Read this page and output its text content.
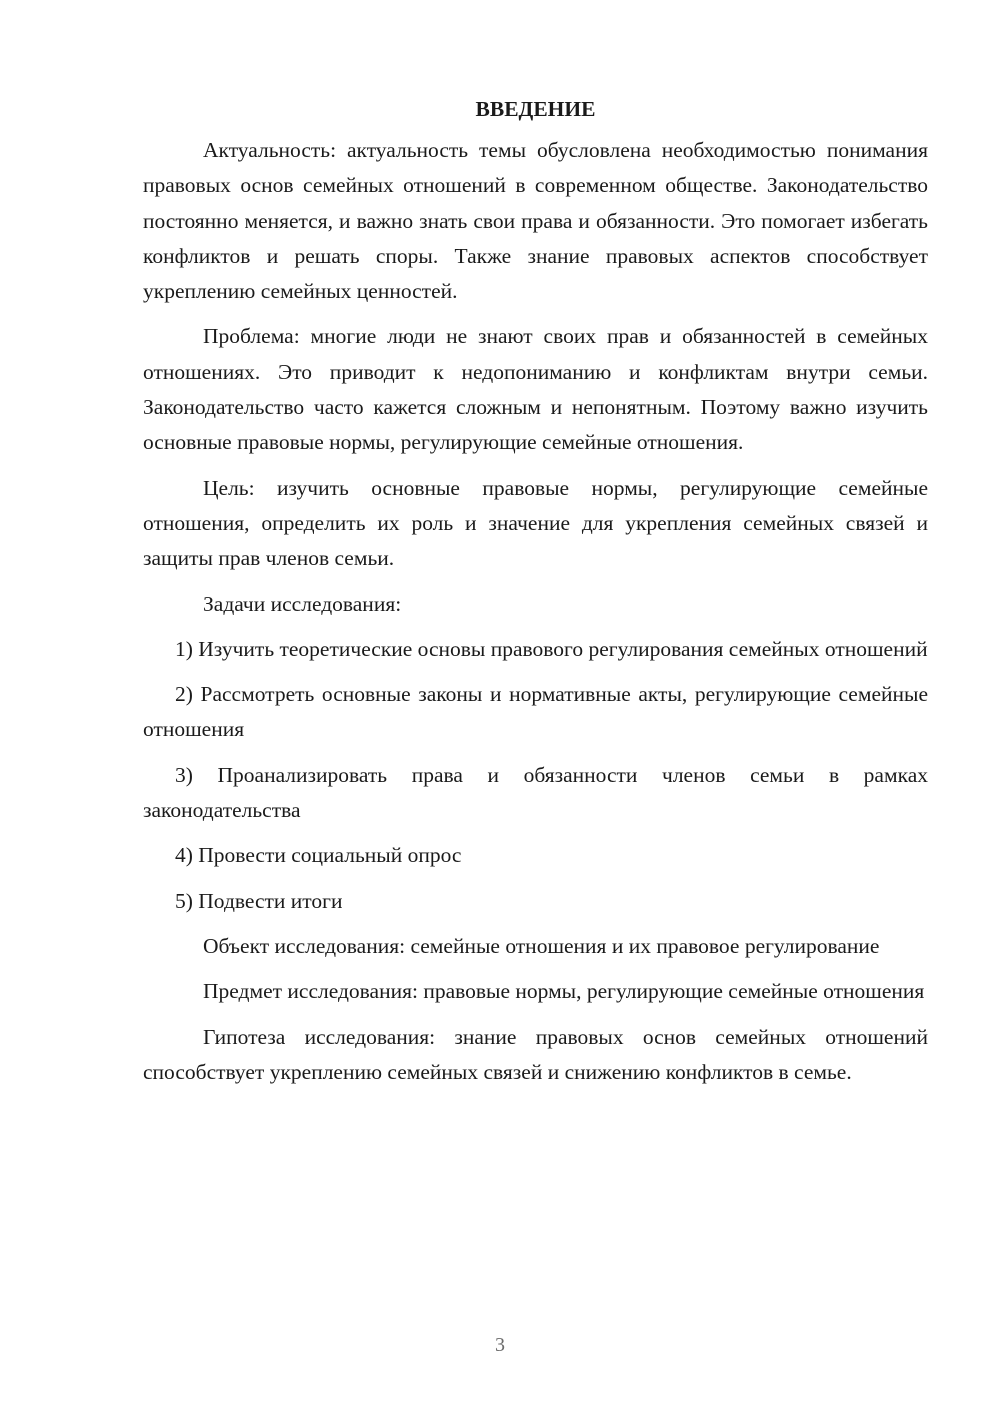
ВВЕДЕНИЕ

Актуальность: актуальность темы обусловлена необходимостью понимания правовых основ семейных отношений в современном обществе. Законодательство постоянно меняется, и важно знать свои права и обязанности. Это помогает избегать конфликтов и решать споры. Также знание правовых аспектов способствует укреплению семейных ценностей.

Проблема: многие люди не знают своих прав и обязанностей в семейных отношениях. Это приводит к недопониманию и конфликтам внутри семьи. Законодательство часто кажется сложным и непонятным. Поэтому важно изучить основные правовые нормы, регулирующие семейные отношения.

Цель: изучить основные правовые нормы, регулирующие семейные отношения, определить их роль и значение для укрепления семейных связей и защиты прав членов семьи.

Задачи исследования:

1) Изучить теоретические основы правового регулирования семейных отношений

2) Рассмотреть основные законы и нормативные акты, регулирующие семейные отношения

3) Проанализировать права и обязанности членов семьи в рамках законодательства

4) Провести социальный опрос

5) Подвести итоги

Объект исследования: семейные отношения и их правовое регулирование

Предмет исследования: правовые нормы, регулирующие семейные отношения

Гипотеза исследования: знание правовых основ семейных отношений способствует укреплению семейных связей и снижению конфликтов в семье.

3
